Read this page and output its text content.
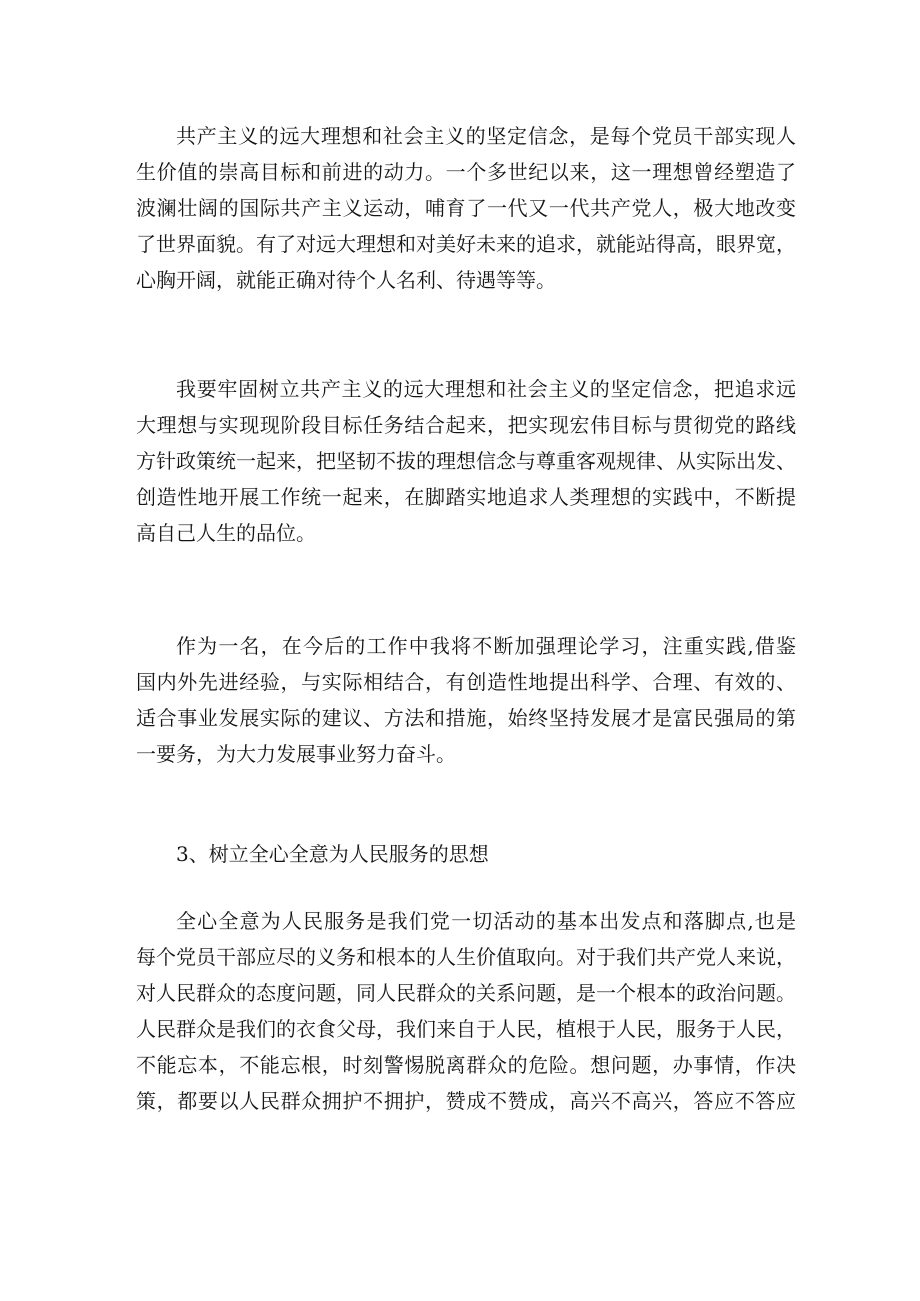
共产主义的远大理想和社会主义的坚定信念，是每个党员干部实现人
生价值的崇高目标和前进的动力。一个多世纪以来，这一理想曾经塑造了
波澜壮阔的国际共产主义运动，哺育了一代又一代共产党人，极大地改变
了世界面貌。有了对远大理想和对美好未来的追求，就能站得高，眼界宽，
心胸开阔，就能正确对待个人名利、待遇等等。
我要牢固树立共产主义的远大理想和社会主义的坚定信念，把追求远
大理想与实现现阶段目标任务结合起来，把实现宏伟目标与贯彻党的路线
方针政策统一起来，把坚韧不拔的理想信念与尊重客观规律、从实际出发、
创造性地开展工作统一起来，在脚踏实地追求人类理想的实践中，不断提
高自己人生的品位。
作为一名，在今后的工作中我将不断加强理论学习，注重实践,借鉴
国内外先进经验，与实际相结合，有创造性地提出科学、合理、有效的、
适合事业发展实际的建议、方法和措施，始终坚持发展才是富民强局的第
一要务，为大力发展事业努力奋斗。
3、树立全心全意为人民服务的思想
全心全意为人民服务是我们党一切活动的基本出发点和落脚点,也是
每个党员干部应尽的义务和根本的人生价值取向。对于我们共产党人来说，
对人民群众的态度问题，同人民群众的关系问题，是一个根本的政治问题。
人民群众是我们的衣食父母，我们来自于人民，植根于人民，服务于人民，
不能忘本，不能忘根，时刻警惕脱离群众的危险。想问题，办事情，作决
策，都要以人民群众拥护不拥护，赞成不赞成，高兴不高兴，答应不答应
